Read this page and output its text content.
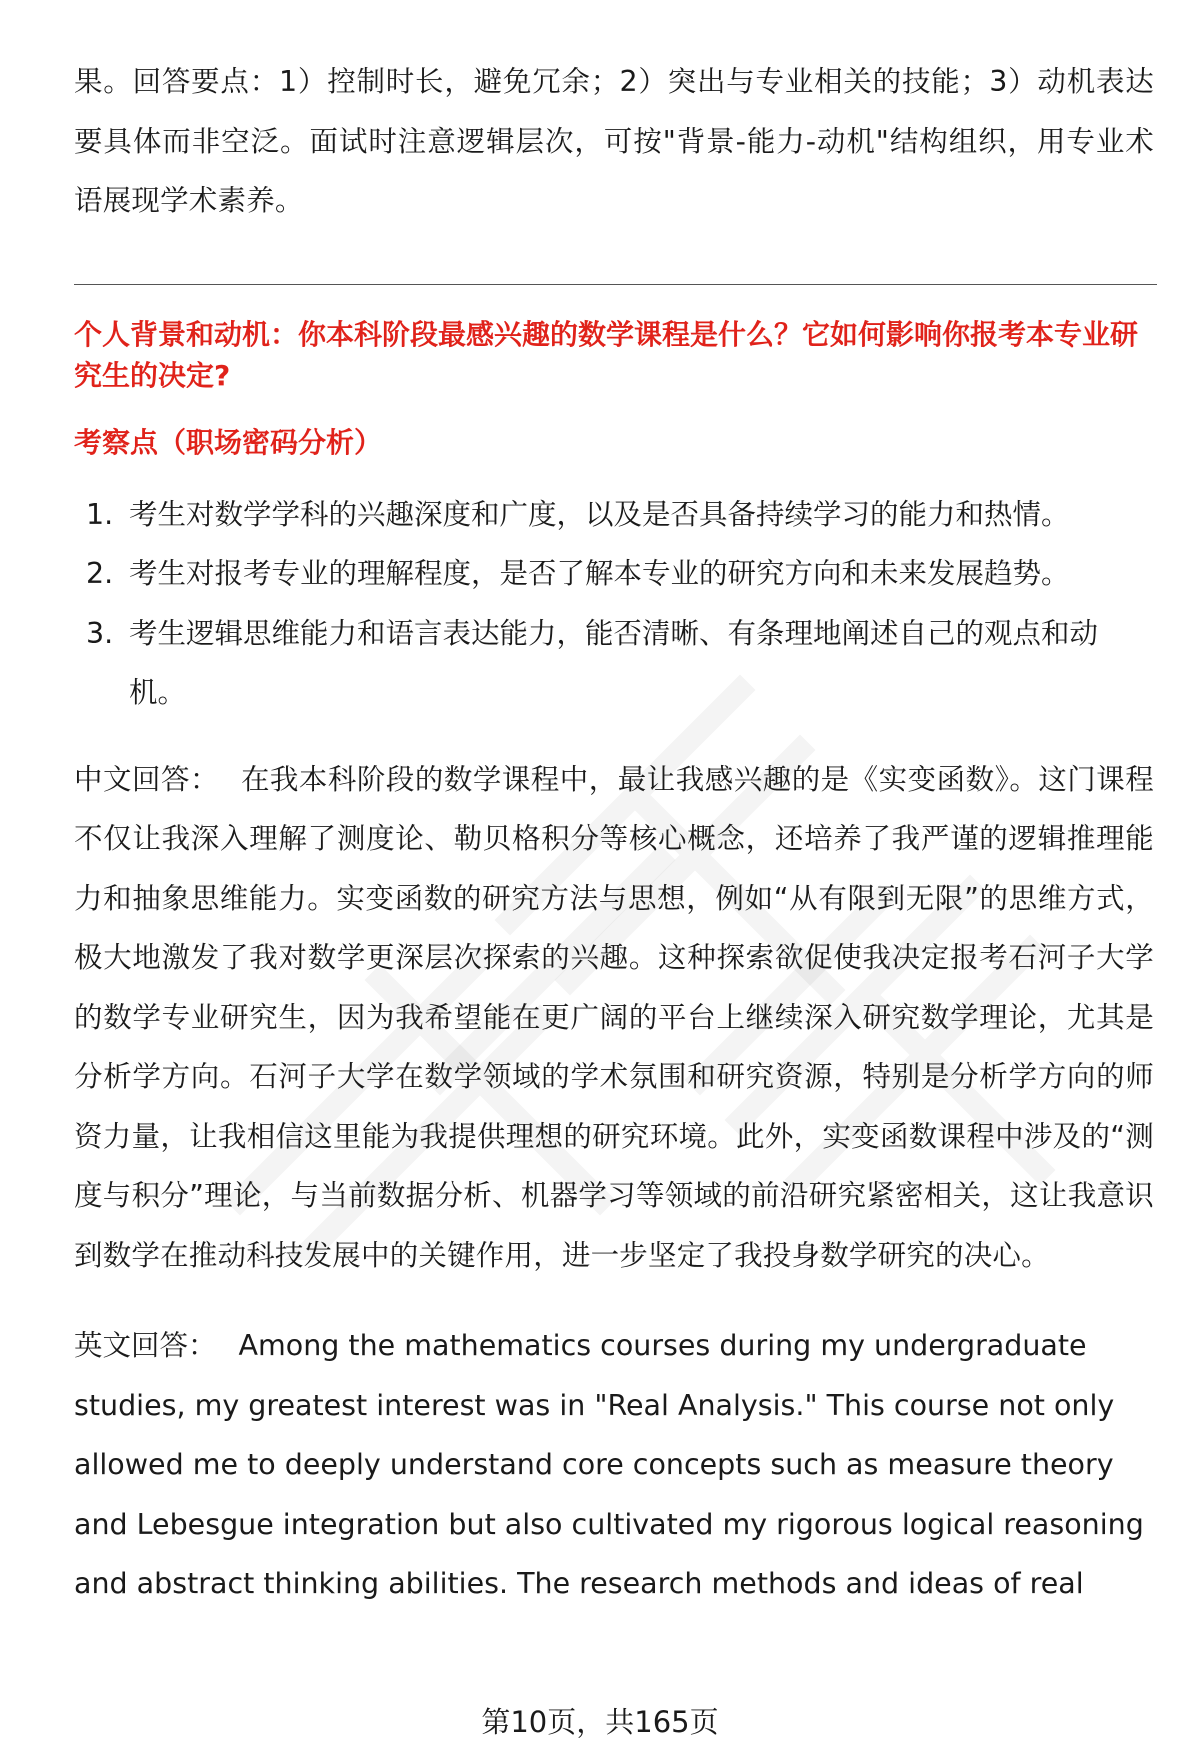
果。回答要点：1）控制时长，避免冗余；2）突出与专业相关的技能；3）动机表达要具体而非空泛。面试时注意逻辑层次，可按"背景-能力-动机"结构组织，用专业术语展现学术素养。

个人背景和动机：你本科阶段最感兴趣的数学课程是什么？它如何影响你报考本专业研究生的决定?

考察点（职场密码分析）

1. 考生对数学学科的兴趣深度和广度，以及是否具备持续学习的能力和热情。
2. 考生对报考专业的理解程度，是否了解本专业的研究方向和未来发展趋势。
3. 考生逻辑思维能力和语言表达能力，能否清晰、有条理地阐述自己的观点和动机。

中文回答： 在我本科阶段的数学课程中，最让我感兴趣的是《实变函数》。这门课程不仅让我深入理解了测度论、勒贝格积分等核心概念，还培养了我严谨的逻辑推理能力和抽象思维能力。实变函数的研究方法与思想，例如“从有限到无限”的思维方式，极大地激发了我对数学更深层次探索的兴趣。这种探索欲促使我决定报考石河子大学的数学专业研究生，因为我希望能在更广阔的平台上继续深入研究数学理论，尤其是分析学方向。石河子大学在数学领域的学术氛围和研究资源，特别是分析学方向的师资力量，让我相信这里能为我提供理想的研究环境。此外，实变函数课程中涉及的“测度与积分”理论，与当前数据分析、机器学习等领域的前沿研究紧密相关，这让我意识到数学在推动科技发展中的关键作用，进一步坚定了我投身数学研究的决心。

英文回答： Among the mathematics courses during my undergraduate studies, my greatest interest was in "Real Analysis." This course not only allowed me to deeply understand core concepts such as measure theory and Lebesgue integration but also cultivated my rigorous logical reasoning and abstract thinking abilities. The research methods and ideas of real

第10页，共165页
